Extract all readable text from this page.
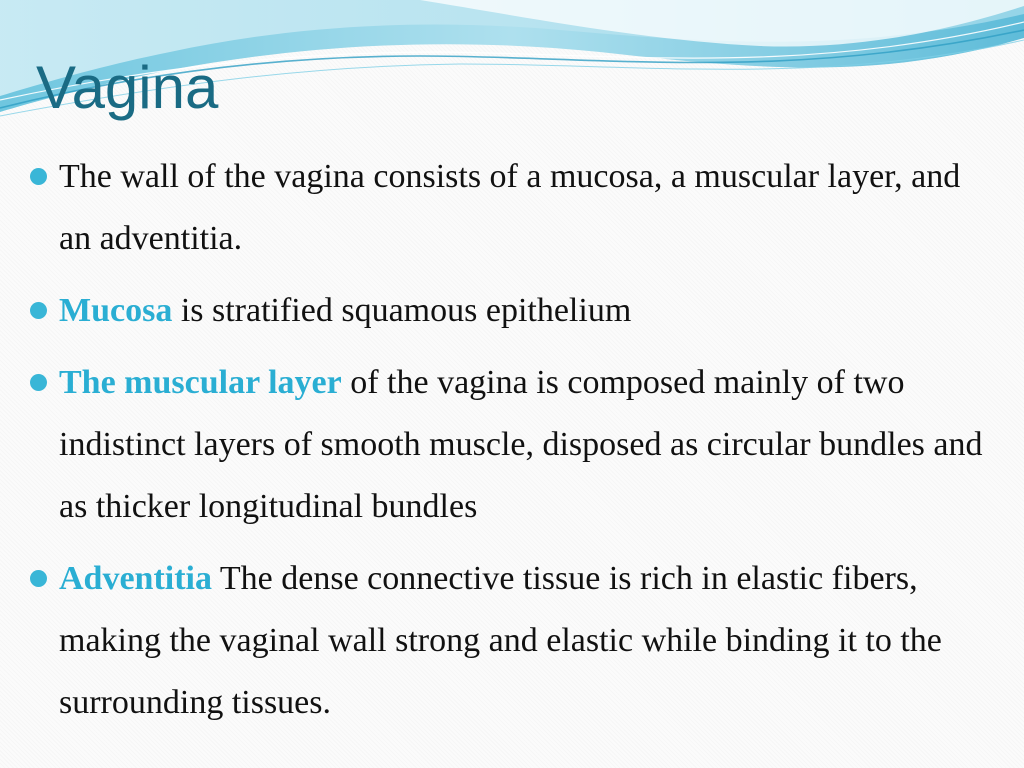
Vagina
The wall of the vagina consists of a mucosa, a muscular layer, and an adventitia.
Mucosa is stratified squamous epithelium
The muscular layer of the vagina is composed mainly of two indistinct layers of smooth muscle, disposed as circular bundles and as thicker longitudinal bundles
Adventitia The dense connective tissue is rich in elastic fibers, making the vaginal wall strong and elastic while binding it to the surrounding tissues.
